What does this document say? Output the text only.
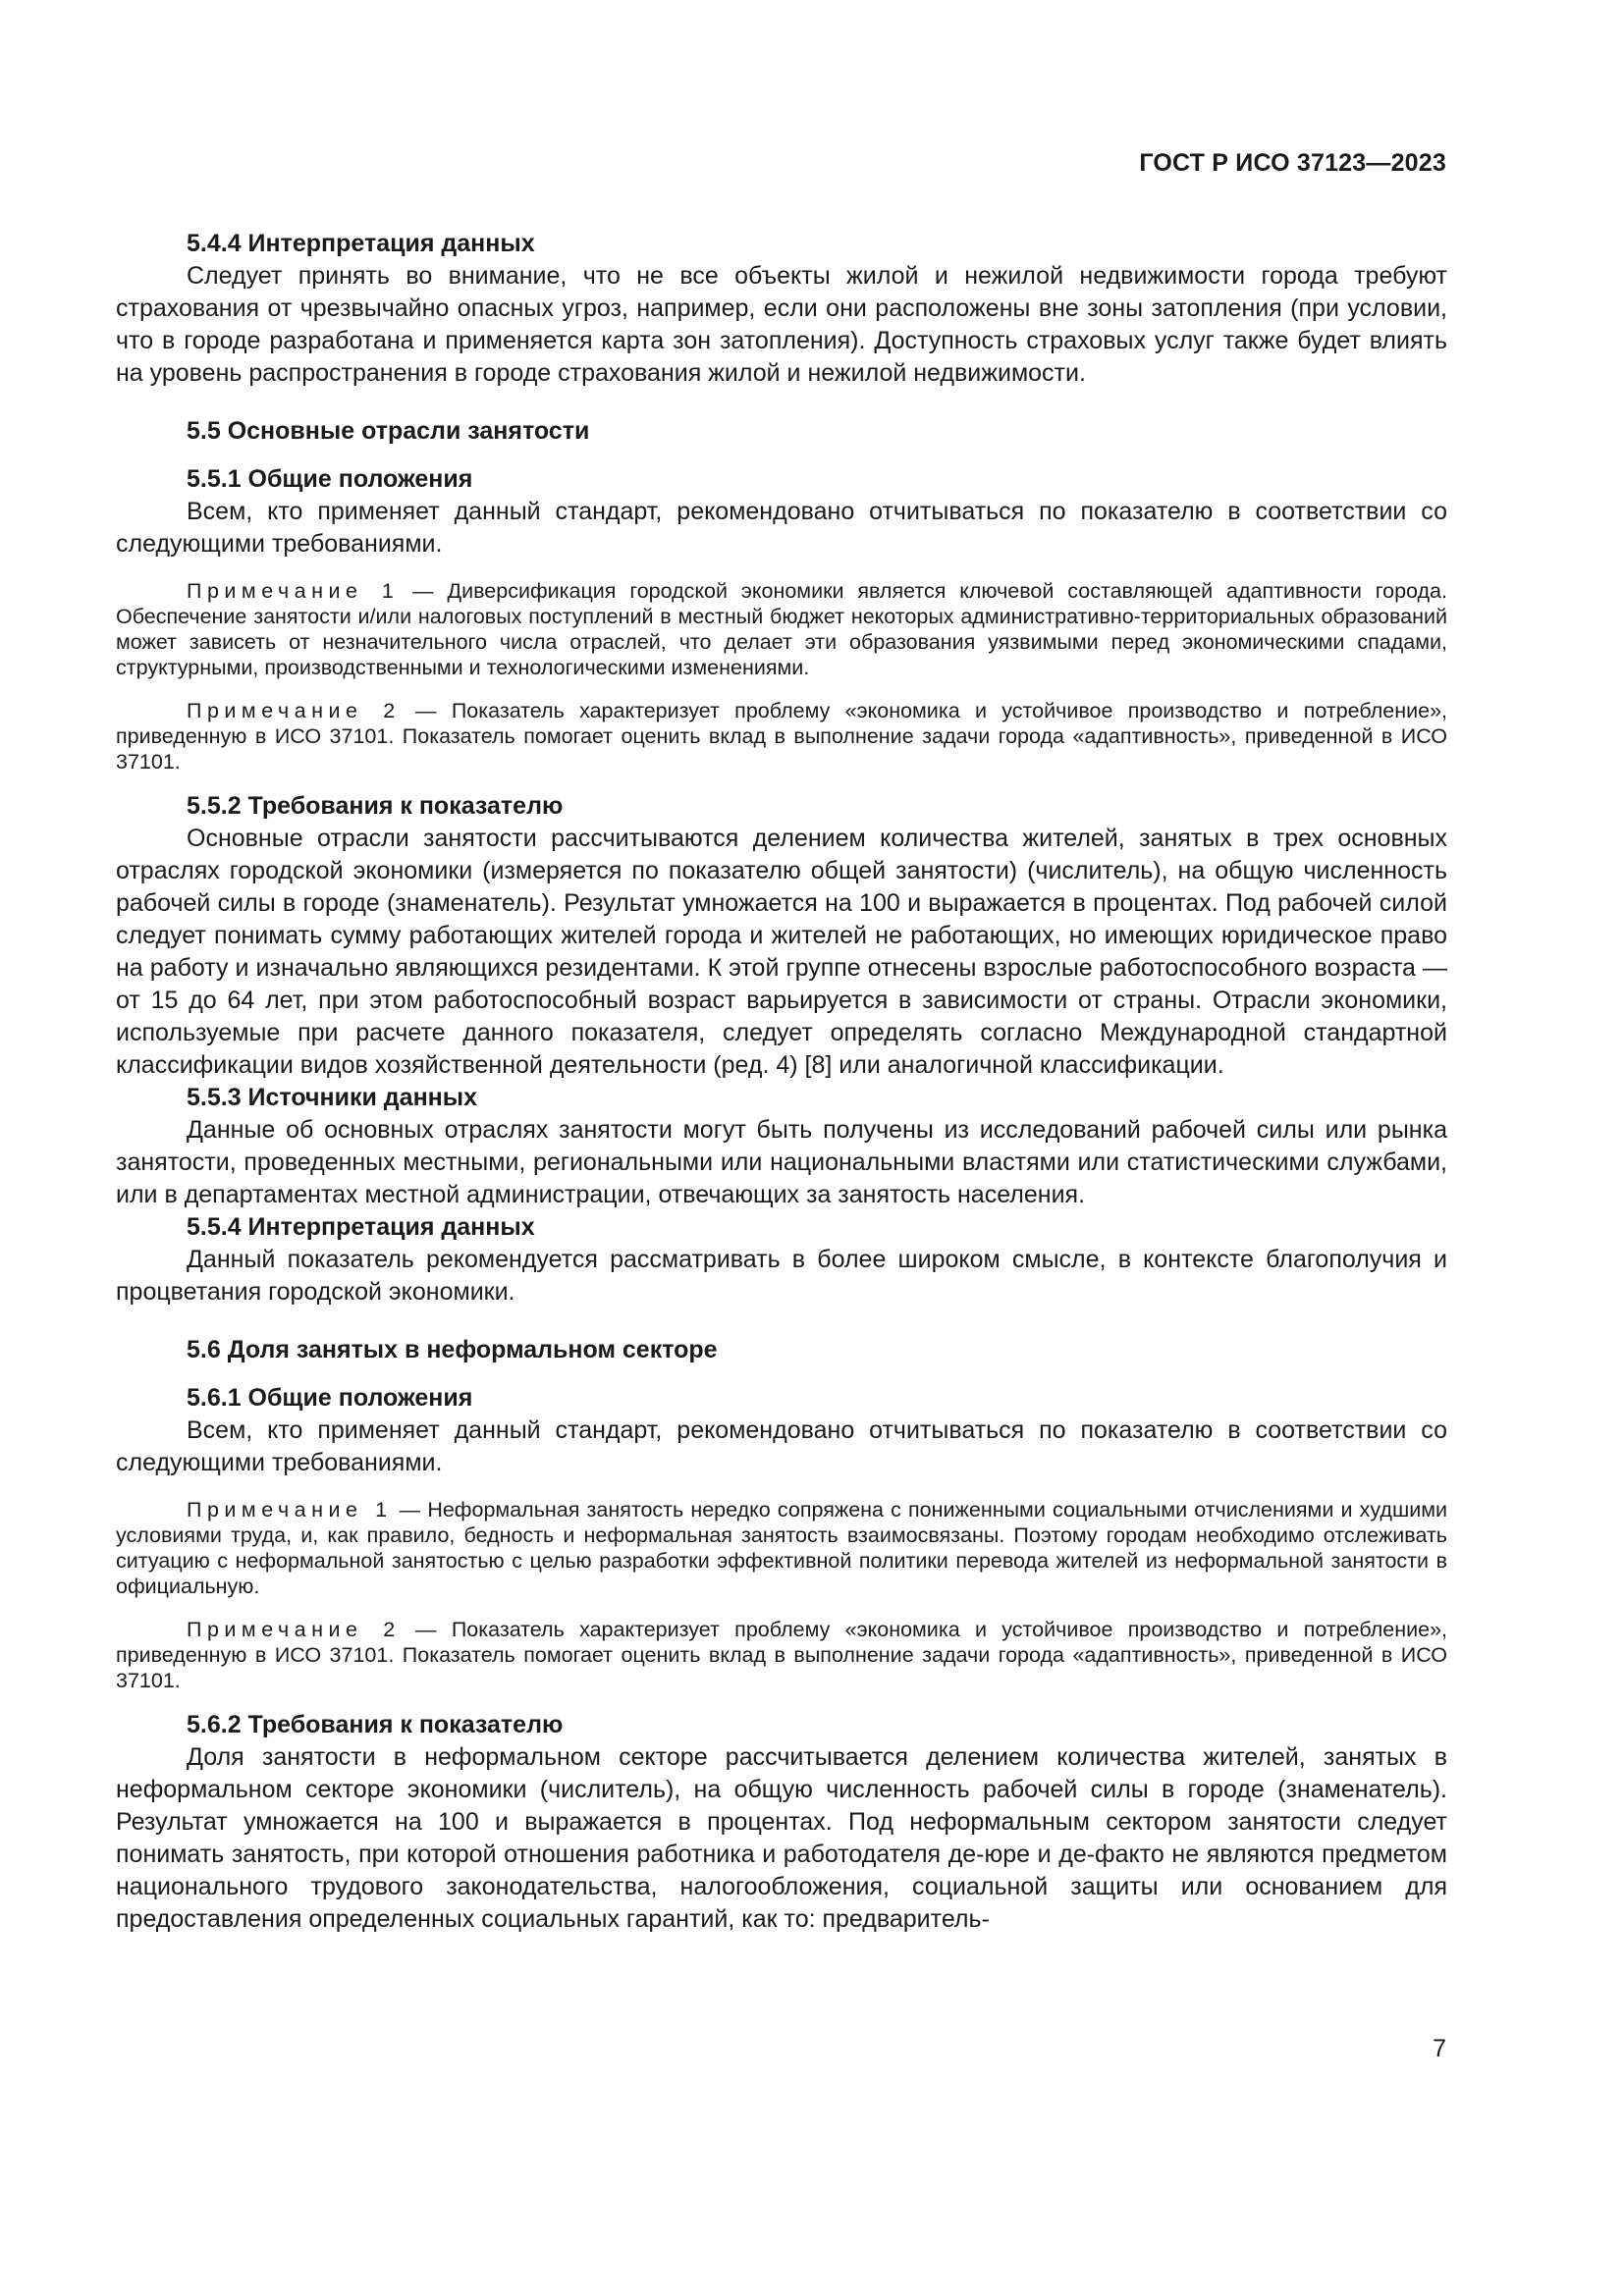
ГОСТ Р ИСО 37123—2023
5.4.4 Интерпретация данных
Следует принять во внимание, что не все объекты жилой и нежилой недвижимости города требуют страхования от чрезвычайно опасных угроз, например, если они расположены вне зоны затопления (при условии, что в городе разработана и применяется карта зон затопления). Доступность страховых услуг также будет влиять на уровень распространения в городе страхования жилой и нежилой недвижимости.
5.5 Основные отрасли занятости
5.5.1 Общие положения
Всем, кто применяет данный стандарт, рекомендовано отчитываться по показателю в соответствии со следующими требованиями.
Примечание 1 — Диверсификация городской экономики является ключевой составляющей адаптивности города. Обеспечение занятости и/или налоговых поступлений в местный бюджет некоторых административно-территориальных образований может зависеть от незначительного числа отраслей, что делает эти образования уязвимыми перед экономическими спадами, структурными, производственными и технологическими изменениями.
Примечание 2 — Показатель характеризует проблему «экономика и устойчивое производство и потребление», приведенную в ИСО 37101. Показатель помогает оценить вклад в выполнение задачи города «адаптивность», приведенной в ИСО 37101.
5.5.2 Требования к показателю
Основные отрасли занятости рассчитываются делением количества жителей, занятых в трех основных отраслях городской экономики (измеряется по показателю общей занятости) (числитель), на общую численность рабочей силы в городе (знаменатель). Результат умножается на 100 и выражается в процентах. Под рабочей силой следует понимать сумму работающих жителей города и жителей не работающих, но имеющих юридическое право на работу и изначально являющихся резидентами. К этой группе отнесены взрослые работоспособного возраста — от 15 до 64 лет, при этом работоспособный возраст варьируется в зависимости от страны. Отрасли экономики, используемые при расчете данного показателя, следует определять согласно Международной стандартной классификации видов хозяйственной деятельности (ред. 4) [8] или аналогичной классификации.
5.5.3 Источники данных
Данные об основных отраслях занятости могут быть получены из исследований рабочей силы или рынка занятости, проведенных местными, региональными или национальными властями или статистическими службами, или в департаментах местной администрации, отвечающих за занятость населения.
5.5.4 Интерпретация данных
Данный показатель рекомендуется рассматривать в более широком смысле, в контексте благополучия и процветания городской экономики.
5.6 Доля занятых в неформальном секторе
5.6.1 Общие положения
Всем, кто применяет данный стандарт, рекомендовано отчитываться по показателю в соответствии со следующими требованиями.
Примечание 1 — Неформальная занятость нередко сопряжена с пониженными социальными отчислениями и худшими условиями труда, и, как правило, бедность и неформальная занятость взаимосвязаны. Поэтому городам необходимо отслеживать ситуацию с неформальной занятостью с целью разработки эффективной политики перевода жителей из неформальной занятости в официальную.
Примечание 2 — Показатель характеризует проблему «экономика и устойчивое производство и потребление», приведенную в ИСО 37101. Показатель помогает оценить вклад в выполнение задачи города «адаптивность», приведенной в ИСО 37101.
5.6.2 Требования к показателю
Доля занятости в неформальном секторе рассчитывается делением количества жителей, занятых в неформальном секторе экономики (числитель), на общую численность рабочей силы в городе (знаменатель). Результат умножается на 100 и выражается в процентах. Под неформальным сектором занятости следует понимать занятость, при которой отношения работника и работодателя де-юре и де-факто не являются предметом национального трудового законодательства, налогообложения, социальной защиты или основанием для предоставления определенных социальных гарантий, как то: предваритель-
7
